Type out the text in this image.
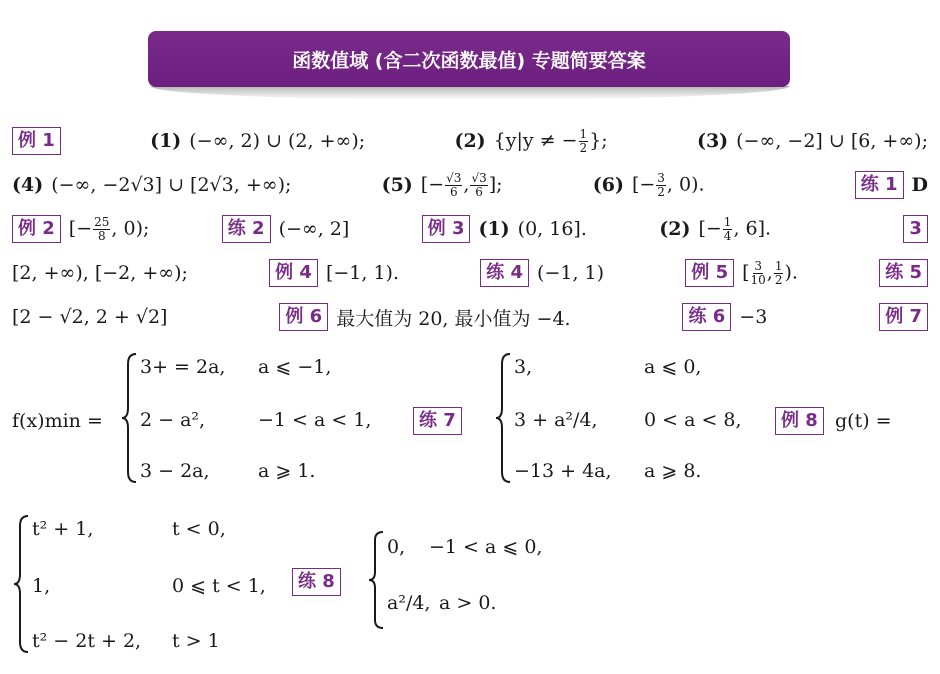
函数值域 (含二次函数最值) 专题简要答案
例 1	(1) (−∞, 2) ∪ (2, +∞);	(2) {y|y ≠ − $\frac{1}{2}$ };	(3) (−∞, −2] ∪ [6, +∞);
(4) (−∞, −2√3] ∪ [2√3, +∞);	(5) [− $\frac{√3}{6}$ , $\frac{√3}{6}$ ];	(6) [− $\frac{3}{2}$ , 0).	练 1 D
例 2 [− $\frac{25}{8}$ , 0);	练 2 (−∞, 2]	例 3 (1) (0, 16].	(2) [− $\frac{1}{4}$ , 6].	3
[2, +∞), [−2, +∞);	例 4 [−1, 1).	练 4 (−1, 1)	例 5 [ $\frac{3}{10}$ , $\frac{1}{2}$ ).	练 5
[2 − √2, 2 + √2]	例 6 最大值为 20, 最小值为 −4.	练 6 −3	例 7
f(x)min =
3+ = 2a, a ⩽ −1,
2 − a²,	−1 < a < 1,
3 − 2a,	a ⩾ 1.
练 7
3,	a ⩽ 0,
3 + a²/4, 0 < a < 8,
−13 + 4a, a ⩾ 8.
例 8 g(t) =
t² + 1,	t < 0,
1,	0 ⩽ t < 1,
t² − 2t + 2, t > 1
练 8
0, −1 < a ⩽ 0,
a²/4, a > 0.
